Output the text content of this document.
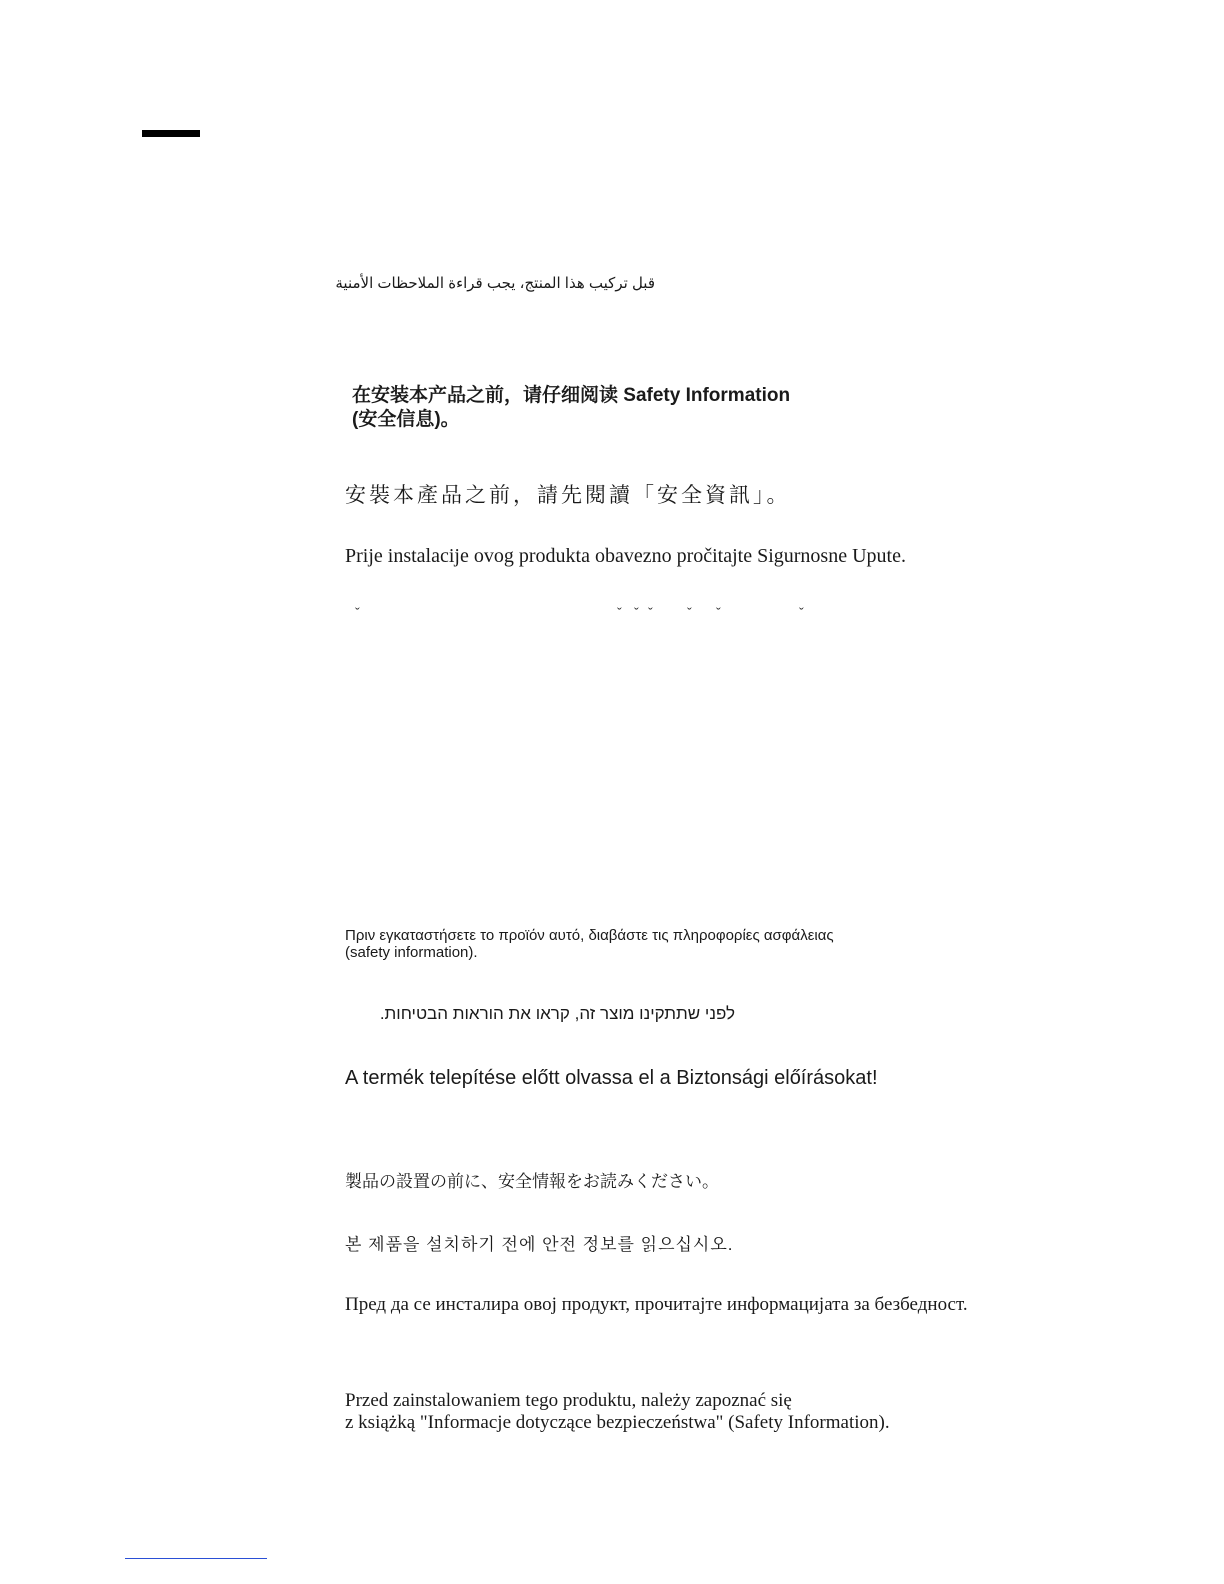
قبل تركيب هذا المنتج، يجب قراءة الملاحظات الأمنية
在安装本产品之前，请仔细阅读 Safety Information
(安全信息)。
安裝本產品之前，請先閱讀「安全資訊」。
Prije instalacije ovog produkta obavezno pročitajte Sigurnosne Upute.
ˇ	ˇ ˇ ˇ ˇ ˇ	ˇ
Πριν εγκαταστήσετε το προϊόν αυτό, διαβάστε τις πληροφορίες ασφάλειας
(safety information).
לפני שתתקינו מוצר זה, קראו את הוראות הבטיחות.
A termék telepítése előtt olvassa el a Biztonsági előírásokat!
製品の設置の前に、安全情報をお読みください。
본 제품을 설치하기 전에 안전 정보를 읽으십시오.
Пред да се инсталира овој продукт, прочитајте информацијата за безбедност.
Przed zainstalowaniem tego produktu, należy zapoznać się
z książką "Informacje dotyczące bezpieczeństwa" (Safety Information).
